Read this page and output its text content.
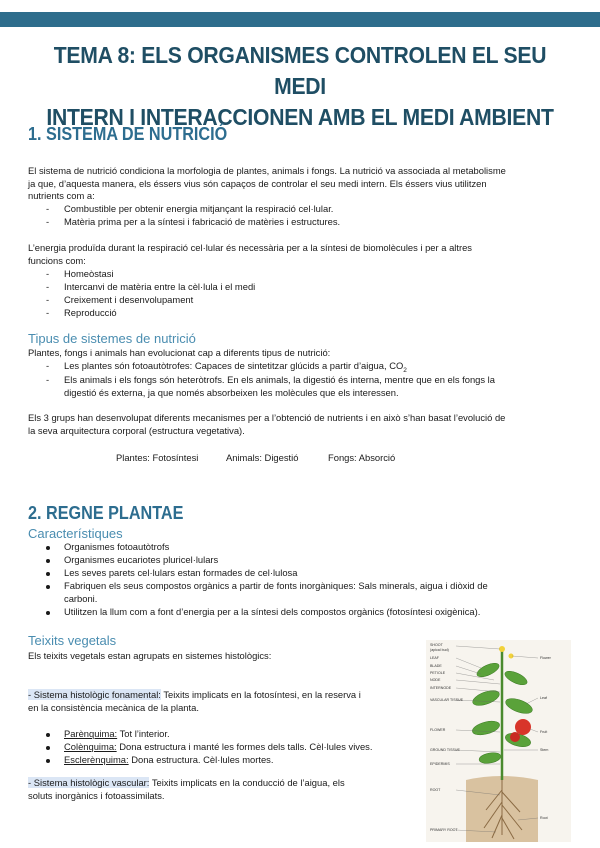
TEMA 8: ELS ORGANISMES CONTROLEN EL SEU MEDI
INTERN I INTERACCIONEN AMB EL MEDI AMBIENT
1. SISTEMA DE NUTRICIÓ
El sistema de nutrició condiciona la morfologia de plantes, animals i fongs. La nutrició va associada al metabolisme
ja que, d’aquesta manera, els éssers vius són capaços de controlar el seu medi intern. Els éssers vius utilitzen
nutrients com a:
- Combustible per obtenir energia mitjançant la respiració cel·lular.
- Matèria prima per a la síntesi i fabricació de matèries i estructures.
L’energia produïda durant la respiració cel·lular és necessària per a la síntesi de biomolècules i per a altres
funcions com:
- Homeòstasi
- Intercanvi de matèria entre la cèl·lula i el medi
- Creixement i desenvolupament
- Reproducció
Tipus de sistemes de nutrició
Plantes, fongs i animals han evolucionat cap a diferents tipus de nutrició:
- Les plantes són fotoautòtrofes: Capaces de sintetitzar glúcids a partir d’aigua, $CO_2$
- Els animals i els fongs són heteròtrofs. En els animals, la digestió és interna, mentre que en els fongs la
digestió és externa, ja que només absorbeixen les molècules que els interessen.
Els 3 grups han desenvolupat diferents mecanismes per a l’obtenció de nutrients i en això s’han basat l’evolució de
la seva arquitectura corporal (estructura vegetativa).
Plantes: Fotosíntesi	Animals: Digestió	Fongs: Absorció
2. REGNE PLANTAE
Característiques
Organismes fotoautòtrofs
Organismes eucariotes pluricel·lulars
Les seves parets cel·lulars estan formades de cel·lulosa
Fabriquen els seus compostos orgànics a partir de fonts inorgàniques: Sals minerals, aigua i diòxid de
carboni.
Utilitzen la llum com a font d’energia per a la síntesi dels compostos orgànics (fotosíntesi oxigènica).
Teixits vegetals
Els teixits vegetals estan agrupats en sistemes histològics:
- Sistema histològic fonamental: Teixits implicats en la fotosíntesi, en la reserva i
en la consistència mecànica de la planta.
Parènquima: Tot l’interior.
Colènquima: Dona estructura i manté les formes dels talls. Cèl·lules vives.
Esclerènquima: Dona estructura. Cèl·lules mortes.
- Sistema histològic vascular: Teixits implicats en la conducció de l’aigua, els
soluts inorgànics i fotoassimilats.
SHOOT
(apical bud)
LEAF
BLADE
PETIOLE
NODE
INTERNODE
VASCULAR TISSUE
FLOWER
GROUND TISSUE
EPIDERMIS
ROOT
PRIMARY ROOT
Flower
Leaf
Fruit
Stem
Root
